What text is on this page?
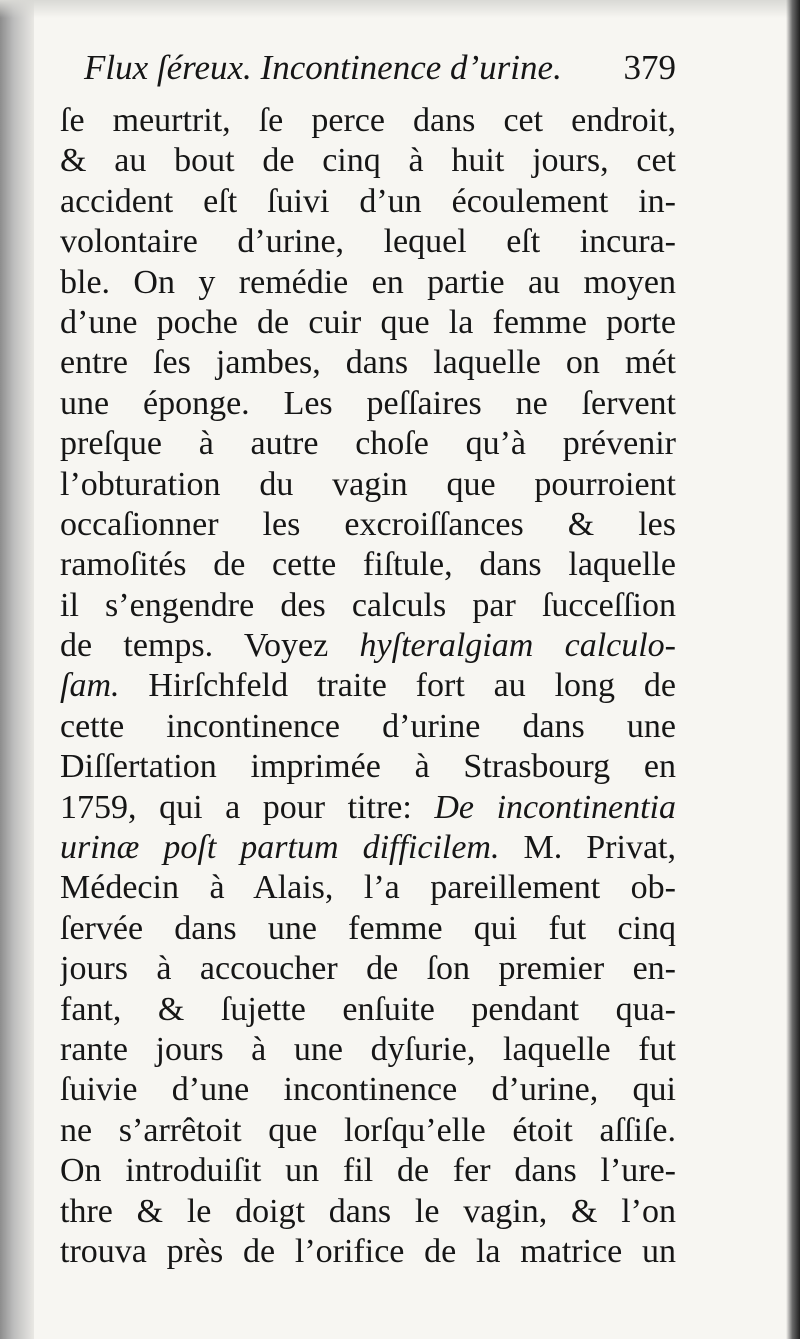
Flux ſéreux. Incontinence d’urine. 379
ſe meurtrit, ſe perce dans cet endroit,
& au bout de cinq à huit jours, cet
accident eſt ſuivi d’un écoulement in-
volontaire d’urine, lequel eſt incura-
ble. On y remédie en partie au moyen
d’une poche de cuir que la femme porte
entre ſes jambes, dans laquelle on mét
une éponge. Les peſſaires ne ſervent
preſque à autre choſe qu’à prévenir
l’obturation du vagin que pourroient
occaſionner les excroiſſances & les
ramoſités de cette fiſtule, dans laquelle
il s’engendre des calculs par ſucceſſion
de temps. Voyez hyſteralgiam calculo-
ſam. Hirſchfeld traite fort au long de
cette incontinence d’urine dans une
Diſſertation imprimée à Strasbourg en
1759, qui a pour titre: De incontinentia
urinæ poſt partum difficilem. M. Privat,
Médecin à Alais, l’a pareillement ob-
ſervée dans une femme qui fut cinq
jours à accoucher de ſon premier en-
fant, & ſujette enſuite pendant qua-
rante jours à une dyſurie, laquelle fut
ſuivie d’une incontinence d’urine, qui
ne s’arrêtoit que lorſqu’elle étoit aſſiſe.
On introduiſit un fil de fer dans l’ure-
thre & le doigt dans le vagin, & l’on
trouva près de l’orifice de la matrice un
